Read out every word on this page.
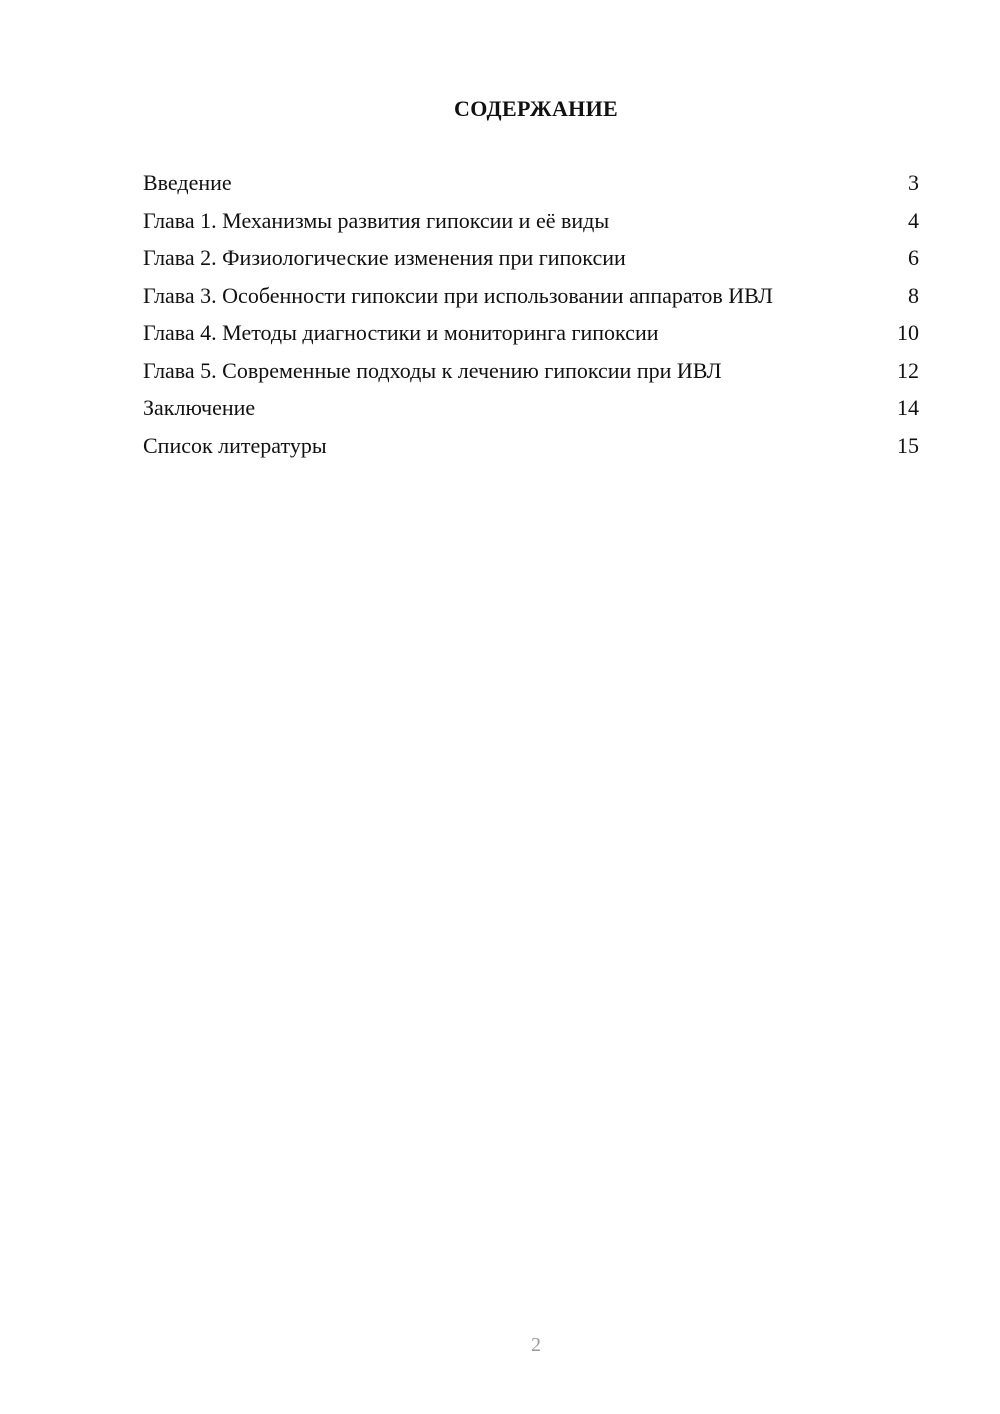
СОДЕРЖАНИЕ
Введение	3
Глава 1. Механизмы развития гипоксии и её виды	4
Глава 2. Физиологические изменения при гипоксии	6
Глава 3. Особенности гипоксии при использовании аппаратов ИВЛ	8
Глава 4. Методы диагностики и мониторинга гипоксии	10
Глава 5. Современные подходы к лечению гипоксии при ИВЛ	12
Заключение	14
Список литературы	15
2
